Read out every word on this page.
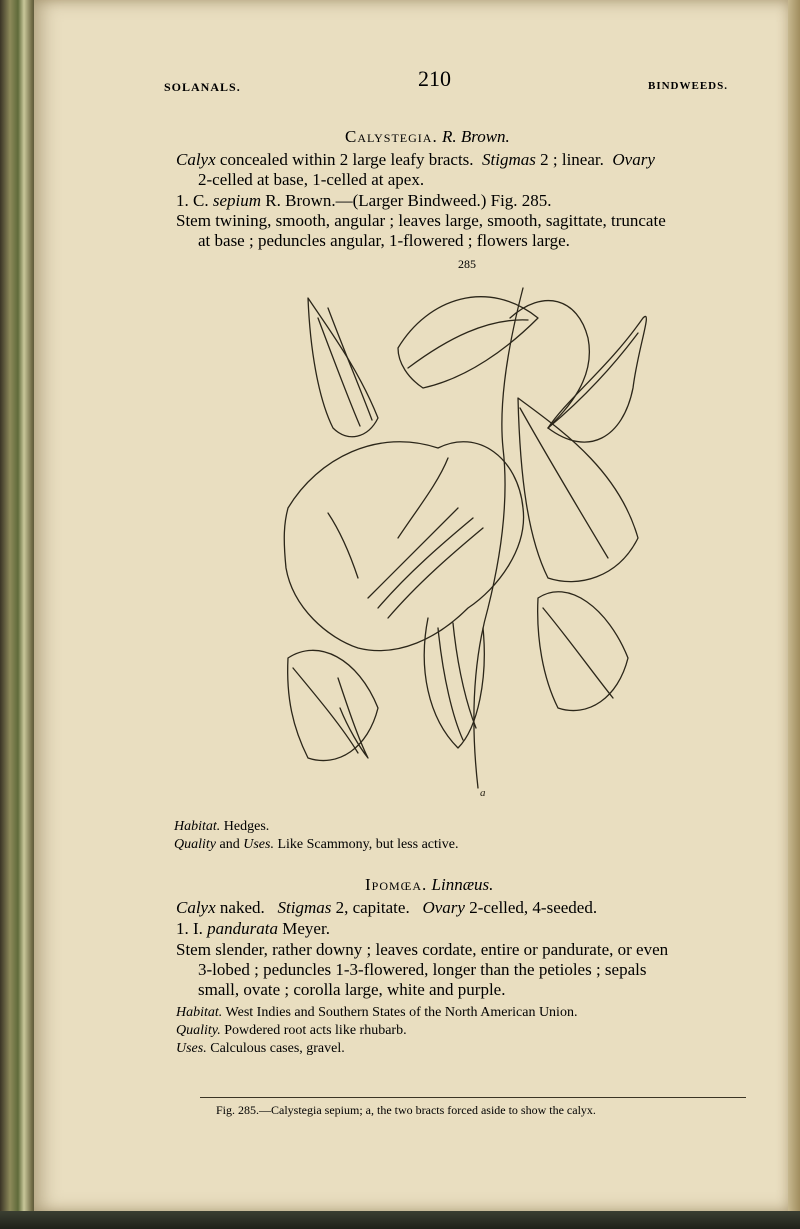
SOLANALS.	210	BINDWEEDS.
Calystegia. R. Brown.
Calyx concealed within 2 large leafy bracts. Stigmas 2 ; linear. Ovary
2-celled at base, 1-celled at apex.
1. C. sepium R. Brown.—(Larger Bindweed.) Fig. 285.
Stem twining, smooth, angular ; leaves large, smooth, sagittate, truncate
at base ; peduncles angular, 1-flowered ; flowers large.
285
a
Habitat. Hedges.
Quality and Uses. Like Scammony, but less active.
Ipomœa. Linnæus.
Calyx naked. Stigmas 2, capitate. Ovary 2-celled, 4-seeded.
1. I. pandurata Meyer.
Stem slender, rather downy ; leaves cordate, entire or pandurate, or even
3-lobed ; peduncles 1-3-flowered, longer than the petioles ; sepals
small, ovate ; corolla large, white and purple.
Habitat. West Indies and Southern States of the North American Union.
Quality. Powdered root acts like rhubarb.
Uses. Calculous cases, gravel.
Fig. 285.—Calystegia sepium; a, the two bracts forced aside to show the calyx.
